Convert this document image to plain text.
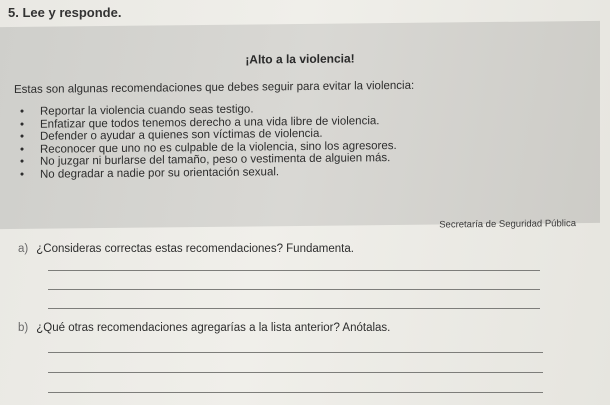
5. Lee y responde.
¡Alto a la violencia!
Estas son algunas recomendaciones que debes seguir para evitar la violencia:
• Reportar la violencia cuando seas testigo.
• Enfatizar que todos tenemos derecho a una vida libre de violencia.
• Defender o ayudar a quienes son víctimas de violencia.
• Reconocer que uno no es culpable de la violencia, sino los agresores.
• No juzgar ni burlarse del tamaño, peso o vestimenta de alguien más.
• No degradar a nadie por su orientación sexual.
Secretaría de Seguridad Pública
a) ¿Consideras correctas estas recomendaciones? Fundamenta.
b) ¿Qué otras recomendaciones agregarías a la lista anterior? Anótalas.
